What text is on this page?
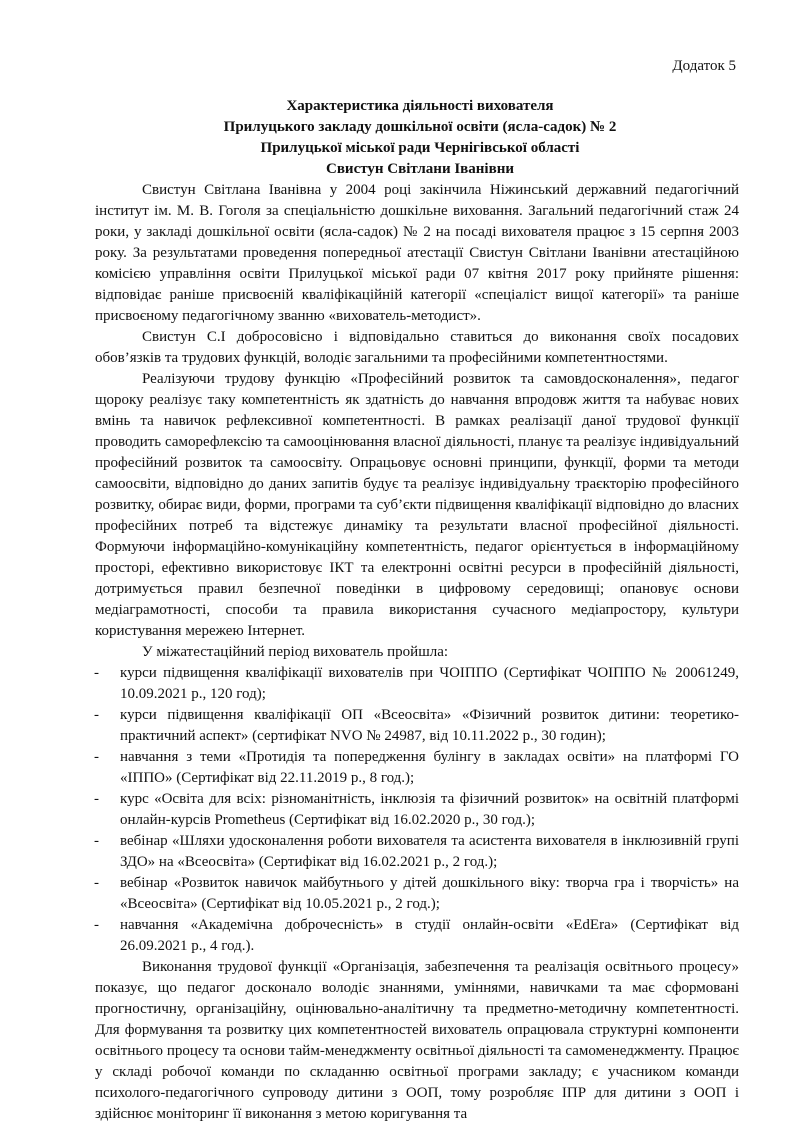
Додаток 5
Характеристика діяльності вихователя
Прилуцького закладу дошкільної освіти (ясла-садок) № 2
Прилуцької міської ради Чернігівської області
Свистун Світлани Іванівни

Свистун Світлана Іванівна у 2004 році закінчила Ніжинський державний педагогічний інститут ім. М. В. Гоголя за спеціальністю дошкільне виховання. Загальний педагогічний стаж 24 роки, у закладі дошкільної освіти (ясла-садок) № 2 на посаді вихователя працює з 15 серпня 2003 року. За результатами проведення попередньої атестації Свистун Світлани Іванівни атестаційною комісією управління освіти Прилуцької міської ради 07 квітня 2017 року прийняте рішення: відповідає раніше присвоєній кваліфікаційній категорії «спеціаліст вищої категорії» та раніше присвоєному педагогічному званню «вихователь-методист».

Свистун С.І добросовісно і відповідально ставиться до виконання своїх посадових обов’язків та трудових функцій, володіє загальними та професійними компетентностями.

Реалізуючи трудову функцію «Професійний розвиток та самовдосконалення», педагог щороку реалізує таку компетентність як здатність до навчання впродовж життя та набуває нових вмінь та навичок рефлексивної компетентності. В рамках реалізації даної трудової функції проводить саморефлексію та самооцінювання власної діяльності, планує та реалізує індивідуальний професійний розвиток та самоосвіту. Опрацьовує основні принципи, функції, форми та методи самоосвіти, відповідно до даних запитів будує та реалізує індивідуальну траєкторію професійного розвитку, обирає види, форми, програми та суб’єкти підвищення кваліфікації відповідно до власних професійних потреб та відстежує динаміку та результати власної професійної діяльності. Формуючи інформаційно-комунікаційну компетентність, педагог орієнтується в інформаційному просторі, ефективно використовує ІКТ та електронні освітні ресурси в професійній діяльності, дотримується правил безпечної поведінки в цифровому середовищі; опановує основи медіаграмотності, способи та правила використання сучасного медіапростору, культури користування мережею Інтернет.

У міжатестаційний період вихователь пройшла:

- курси підвищення кваліфікації вихователів при ЧОІППО (Сертифікат ЧОІППО № 20061249, 10.09.2021 р., 120 год);
- курси підвищення кваліфікації ОП «Всеосвіта» «Фізичний розвиток дитини: теоретико-практичний аспект» (сертифікат NVO № 24987, від 10.11.2022 р., 30 годин);
- навчання з теми «Протидія та попередження булінгу в закладах освіти» на платформі ГО «ІППО» (Сертифікат від 22.11.2019 р., 8 год.);
- курс «Освіта для всіх: різноманітність, інклюзія та фізичний розвиток» на освітній платформі онлайн-курсів Prometheus (Сертифікат від 16.02.2020 р., 30 год.);
- вебінар «Шляхи удосконалення роботи вихователя та асистента вихователя в інклюзивній групі ЗДО» на «Всеосвіта» (Сертифікат від 16.02.2021 р., 2 год.);
- вебінар «Розвиток навичок майбутнього у дітей дошкільного віку: творча гра і творчість» на «Всеосвіта» (Сертифікат від 10.05.2021 р., 2 год.);
- навчання «Академічна доброчесність» в студії онлайн-освіти «EdEra» (Сертифікат від 26.09.2021 р., 4 год.).

Виконання трудової функції «Організація, забезпечення та реалізація освітнього процесу» показує, що педагог досконало володіє знаннями, уміннями, навичками та має сформовані прогностичну, організаційну, оцінювально-аналітичну та предметно-методичну компетентності. Для формування та розвитку цих компетентностей вихователь опрацювала структурні компоненти освітнього процесу та основи тайм-менеджменту освітньої діяльності та самоменеджменту. Працює у складі робочої команди по складанню освітньої програми закладу; є учасником команди психолого-педагогічного супроводу дитини з ООП, тому розробляє ІПР для дитини з ООП і здійснює моніторинг її виконання з метою коригування та
